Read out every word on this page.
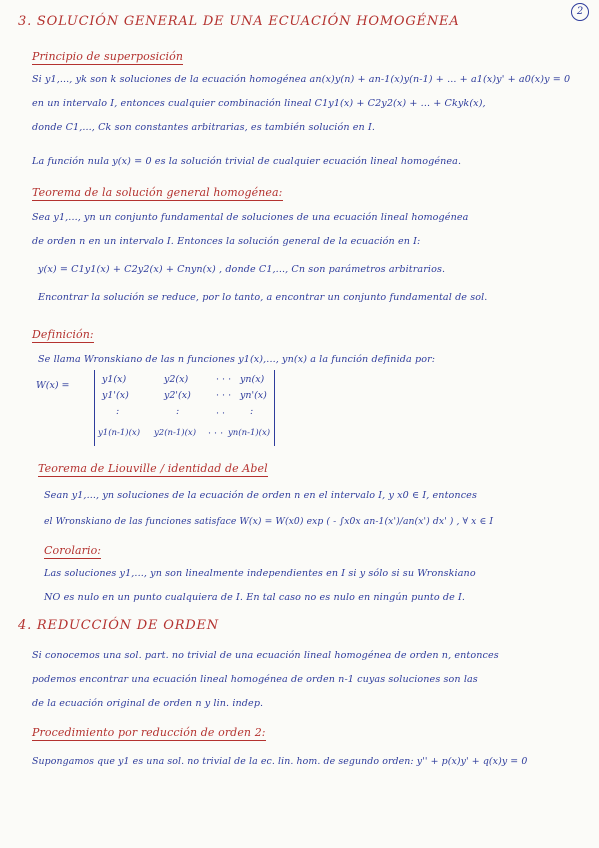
2
3. SOLUCIÓN GENERAL DE UNA ECUACIÓN HOMOGÉNEA
Principio de superposición
Si y1,..., yk son k soluciones de la ecuación homogénea an(x)y(n) + an-1(x)y(n-1) + ... + a1(x)y' + a0(x)y = 0
en un intervalo I, entonces cualquier combinación lineal C1y1(x) + C2y2(x) + ... + Ckyk(x),
donde C1,..., Ck son constantes arbitrarias, es también solución en I.
La función nula y(x) = 0 es la solución trivial de cualquier ecuación lineal homogénea.
Teorema de la solución general homogénea:
Sea y1,..., yn un conjunto fundamental de soluciones de una ecuación lineal homogénea
de orden n en un intervalo I. Entonces la solución general de la ecuación en I:
y(x) = C1y1(x) + C2y2(x) + Cnyn(x) , donde C1,..., Cn son parámetros arbitrarios.
Encontrar la solución se reduce, por lo tanto, a encontrar un conjunto fundamental de sol.
Definición:
Se llama Wronskiano de las n funciones y1(x),..., yn(x) a la función definida por:
W(x) =
y1(x)	y2(x)	· · · yn(x)
y1'(x)	y2'(x)	· · · yn'(x)
:	:	· ·	:
y1(n-1)(x) y2(n-1)(x) · · · yn(n-1)(x)
Teorema de Liouville / identidad de Abel
Sean y1,..., yn soluciones de la ecuación de orden n en el intervalo I, y x0 ∈ I, entonces
el Wronskiano de las funciones satisface W(x) = W(x0) exp ( - ∫x0x an-1(x')/an(x') dx' ) , ∀ x ∈ I
Corolario:
Las soluciones y1,..., yn son linealmente independientes en I si y sólo si su Wronskiano
NO es nulo en un punto cualquiera de I. En tal caso no es nulo en ningún punto de I.
4. REDUCCIÓN DE ORDEN
Si conocemos una sol. part. no trivial de una ecuación lineal homogénea de orden n, entonces
podemos encontrar una ecuación lineal homogénea de orden n-1 cuyas soluciones son las
de la ecuación original de orden n y lin. indep.
Procedimiento por reducción de orden 2:
Supongamos que y1 es una sol. no trivial de la ec. lin. hom. de segundo orden: y'' + p(x)y' + q(x)y = 0
